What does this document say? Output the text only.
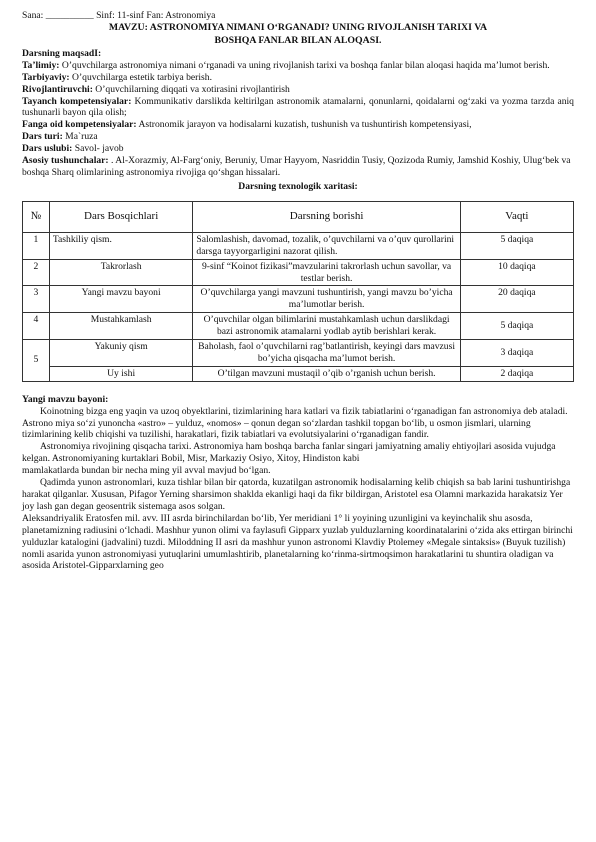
Sana: __________ Sinf: 11-sinf Fan: Astronomiya

MAVZU: ASTRONOMIYA NIMANI O‘RGANADI? UNING RIVOJLANISH TARIXI VA

BOSHQA FANLAR BILAN ALOQASI.

Darsning maqsadI:

Ta’limiy: O’quvchilarga astronomiya nimani o‘rganadi va uning rivojlanish tarixi va boshqa fanlar bilan aloqasi haqida ma’lumot berish.

Tarbiyaviy: O’quvchilarga estetik tarbiya berish.

Rivojlantiruvchi: O’quvchilarning diqqati va xotirasini rivojlantirish

Tayanch kompetensiyalar: Kommunikativ darslikda keltirilgan astronomik atamalarni, qonunlarni, qoidalarni og‘zaki va yozma tarzda aniq tushunarli bayon qila olish;

Fanga oid kompetensiyalar: Astronomik jarayon va hodisalarni kuzatish, tushunish va tushuntirish kompetensiyasi,

Dars turi: Ma`ruza

Dars uslubi: Savol- javob

Asosiy tushunchalar: . Al-Xorazmiy, Al-Farg‘oniy, Beruniy, Umar Hayyom, Nasriddin Tusiy, Qozizoda Rumiy, Jamshid Koshiy, Ulug‘bek va boshqa Sharq olimlarining astronomiya rivojiga qo‘shgan hissalari.

Darsning texnologik xaritasi:

№	Dars Bosqichlari	Darsning borishi	Vaqti
1	Tashkiliy qism.	Salomlashish, davomad, tozalik, o’quvchilarni va o’quv qurollarini darsga tayyorgarligini nazorat qilish.	5 daqiqa
2	Takrorlash	9-sinf “Koinot fizikasi”mavzularini takrorlash uchun savollar, va testlar berish.	10 daqiqa
3	Yangi mavzu bayoni	O’quvchilarga yangi mavzuni tushuntirish, yangi mavzu bo’yicha ma’lumotlar berish.	20 daqiqa
4	Mustahkamlash	O’quvchilar olgan bilimlarini mustahkamlash uchun darslikdagi bazi astronomik atamalarni yodlab aytib berishlari kerak.	5 daqiqa
5	Yakuniy qism	Baholash, faol o’quvchilarni rag’batlantirish, keyingi dars mavzusi bo’yicha qisqacha ma’lumot berish.	3 daqiqa
	Uy ishi	O’tilgan mavzuni mustaqil o’qib o’rganish uchun berish.	2 daqiqa

Yangi mavzu bayoni:

Koinotning bizga eng yaqin va uzoq obyektlarini, tizimlarining hara katlari va fizik tabiatlarini o‘rganadigan fan astronomiya deb ataladi. Astrono miya so‘zi yunoncha «astro» – yulduz, «nomos» – qonun degan so‘zlardan tashkil topgan bo‘lib, u osmon jismlari, ularning tizimlarining kelib chiqishi va tuzilishi, harakatlari, fizik tabiatlari va evolutsiyalarini o‘rganadigan fandir.

Astronomiya rivojining qisqacha tarixi. Astronomiya ham boshqa barcha fanlar singari jamiyatning amaliy ehtiyojlari asosida vujudga kelgan. Astronomiyaning kurtaklari Bobil, Misr, Markaziy Osiyo, Xitoy, Hindiston kabi

mamlakatlarda bundan bir necha ming yil avval mavjud bo‘lgan.

Qadimda yunon astronomlari, kuza tishlar bilan bir qatorda, kuzatilgan astronomik hodisalarning kelib chiqish sa bab larini tushuntirishga harakat qilganlar. Xususan, Pifagor Yerning sharsimon shaklda ekanligi haqi da fikr bildirgan, Aristotel esa Olamni markazida harakatsiz Yer joy lash gan degan geosentrik sistemaga asos solgan.

Aleksandriyalik Eratosfen mil. avv. III asrda birinchilardan bo‘lib, Yer meridiani 1° li yoyining uzunligini va keyinchalik shu asosda, planetamizning radiusini o‘lchadi. Mashhur yunon olimi va faylasufi Gipparx yuzlab yulduzlarning koordinatalarini o‘zida aks ettirgan birinchi yulduzlar katalogini (jadvalini) tuzdi. Miloddning II asri da mashhur yunon astronomi Klavdiy Ptolemey «Megale sintaksis» (Buyuk tuzilish) nomli asarida yunon astronomiyasi yutuqlarini umumlashtirib, planetalarning ko‘rinma-sirtmoqsimon harakatlarini tu shuntira oladigan va asosida Aristotel-Gipparxlarning geo
